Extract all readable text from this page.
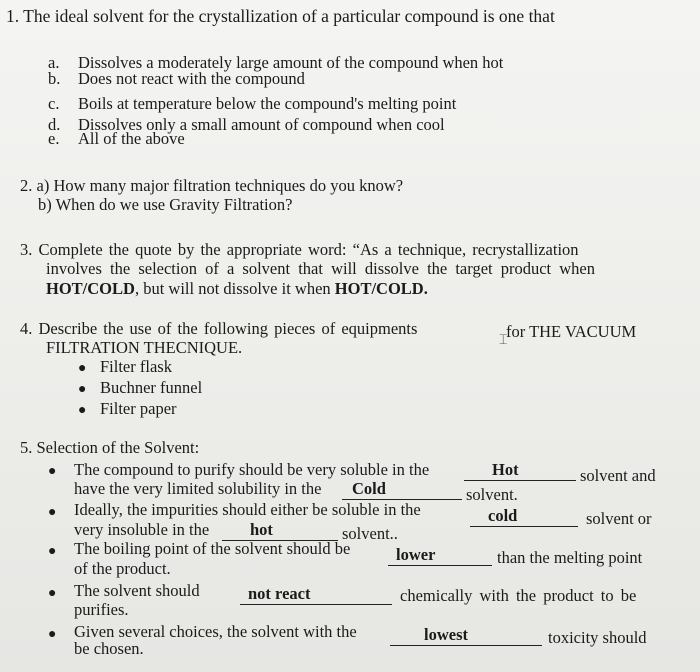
1. The ideal solvent for the crystallization of a particular compound is one that
a. Dissolves a moderately large amount of the compound when hot
b. Does not react with the compound
c. Boils at temperature below the compound's melting point
d. Dissolves only a small amount of compound when cool
e. All of the above
2. a) How many major filtration techniques do you know?
b) When do we use Gravity Filtration?
3. Complete the quote by the appropriate word: “As a technique, recrystallization
involves the selection of a solvent that will dissolve the target product when
HOT/COLD, but will not dissolve it when HOT/COLD.
4. Describe the use of the following pieces of equipments	for THE VACUUM
⌶
FILTRATION THECNIQUE.
● Filter flask
● Buchner funnel
● Filter paper
5. Selection of the Solvent:
● The compound to purify should be very soluble in the	Hot	solvent and
have the very limited solubility in the	Cold	solvent.
● Ideally, the impurities should either be soluble in the	cold	solvent or
very insoluble in the	hot	solvent..
● The boiling point of the solvent should be	lower	than the melting point
of the product.
● The solvent should	not react	chemically with the product to be
purifies.
● Given several choices, the solvent with the	lowest	toxicity should
be chosen.
